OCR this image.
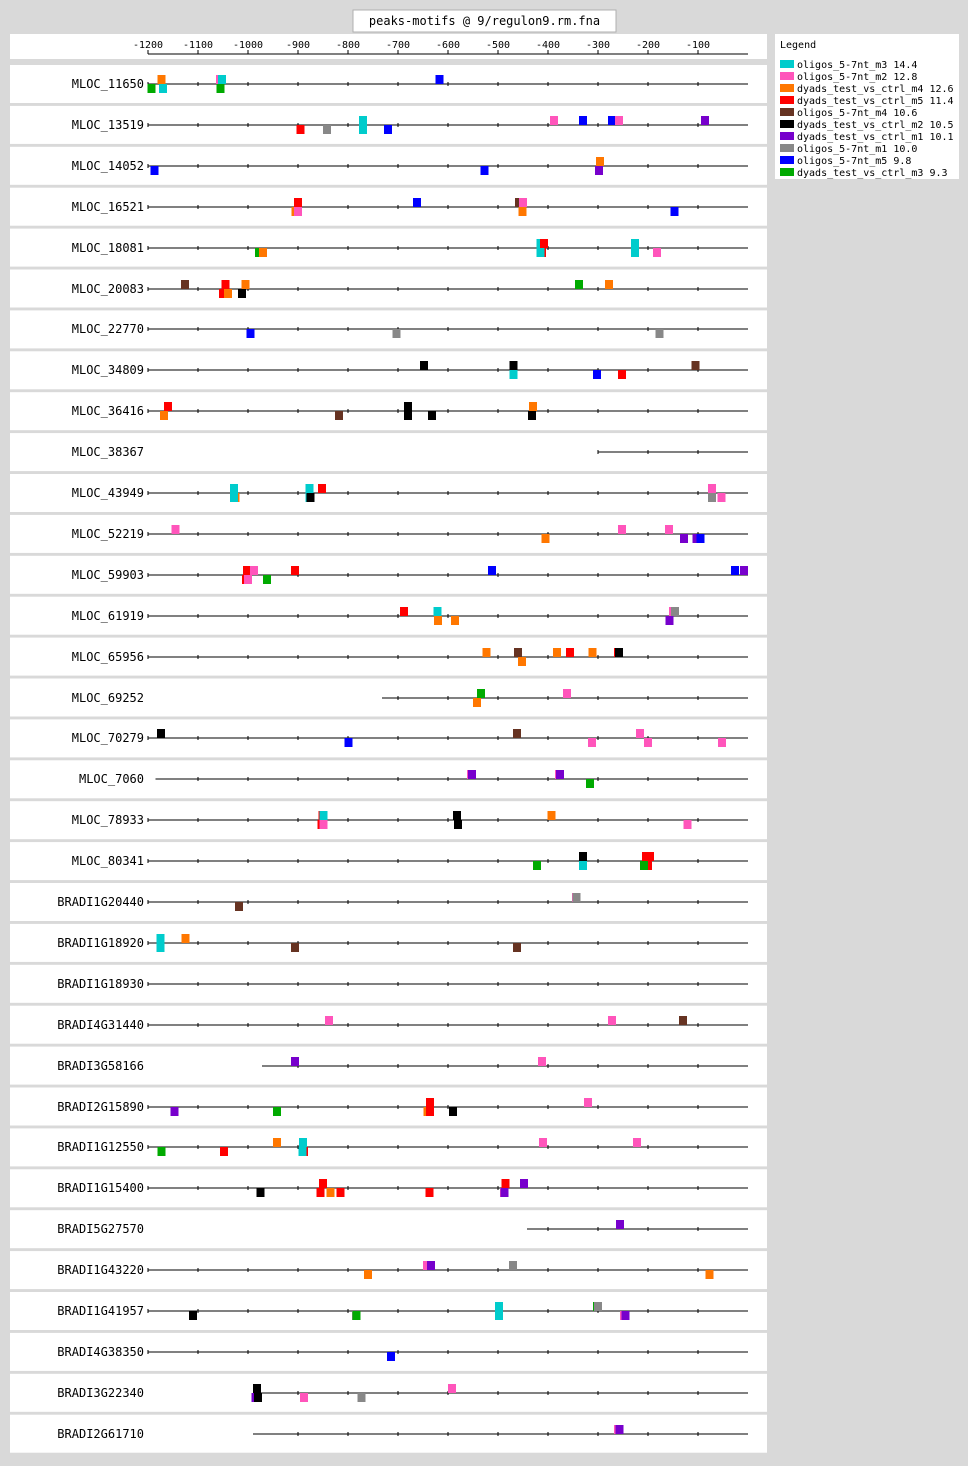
peaks-motifs @ 9/regulon9.rm.fna
-1200 -1100 -1000 -900	-800	-700	-600	-500	-400	-300	-200	-100	Legend
oligos_5-7nt_m3 14.4
oligos_5-7nt_m2 12.8
dyads_test_vs_ctrl_m4 12.6
dyads_test_vs_ctrl_m5 11.4
oligos_5-7nt_m4 10.6
dyads_test_vs_ctrl_m2 10.5
dyads_test_vs_ctrl_m1 10.1
oligos_5-7nt_m1 10.0
oligos_5-7nt_m5 9.8
dyads_test_vs_ctrl_m3 9.3
MLOC_11650
MLOC_13519
MLOC_14052
MLOC_16521
MLOC_18081
MLOC_20083
MLOC_22770
MLOC_34809
MLOC_36416
MLOC_38367
MLOC_43949
MLOC_52219
MLOC_59903
MLOC_61919
MLOC_65956
MLOC_69252
MLOC_70279
MLOC_7060
MLOC_78933
MLOC_80341
BRADI1G20440
BRADI1G18920
BRADI1G18930
BRADI4G31440
BRADI3G58166
BRADI2G15890
BRADI1G12550
BRADI1G15400
BRADI5G27570
BRADI1G43220
BRADI1G41957
BRADI4G38350
BRADI3G22340
BRADI2G61710
